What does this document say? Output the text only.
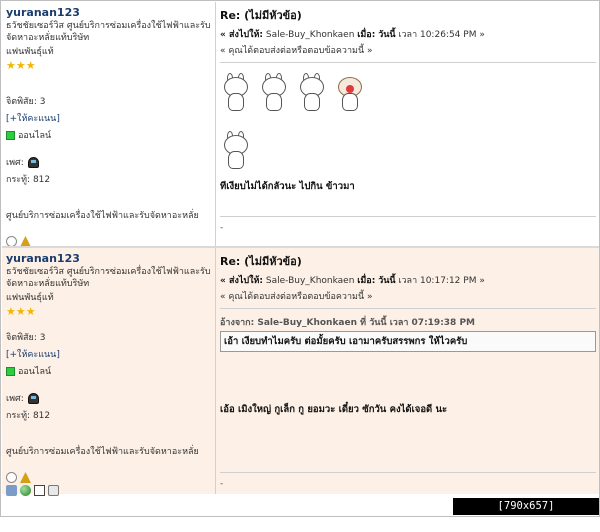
yuranan123
ธวัชชัยเซอร์วิส ศูนย์บริการซ่อมเครื่องใช้ไฟฟ้าและรับจัดหาอะหลั่ยแท้บริษัท
แฟนพันธุ์แท้
★★★
จิตพิสัย: 3
[+ให้คะแนน]
ออนไลน์
เพศ:
กระทู้: 812
ศูนย์บริการซ่อมเครื่องใช้ไฟฟ้าและรับจัดหาอะหลั่ย
Re: (ไม่มีหัวข้อ)
« ส่งไปให้: Sale-Buy_Khonkaen เมื่อ: วันนี้ เวลา 10:26:54 PM »
« คุณได้ตอบส่งต่อหรือตอบข้อความนี้ »
ทีเงียบไม่ได้กลัวนะ ไปกิน ข้าวมา
-
yuranan123
ธวัชชัยเซอร์วิส ศูนย์บริการซ่อมเครื่องใช้ไฟฟ้าและรับจัดหาอะหลั่ยแท้บริษัท
แฟนพันธุ์แท้
★★★
จิตพิสัย: 3
[+ให้คะแนน]
ออนไลน์
เพศ:
กระทู้: 812
ศูนย์บริการซ่อมเครื่องใช้ไฟฟ้าและรับจัดหาอะหลั่ย
Re: (ไม่มีหัวข้อ)
« ส่งไปให้: Sale-Buy_Khonkaen เมื่อ: วันนี้ เวลา 10:17:12 PM »
« คุณได้ตอบส่งต่อหรือตอบข้อความนี้ »
อ้างจาก: Sale-Buy_Khonkaen ที่ วันนี้ เวลา 07:19:38 PM
เอ้า เงียบทำไมครับ ต่อมั้ยครับ เอามาครับสรรพกร ให้ไวครับ
เอ้อ เมิงใหญ่ กูเล็ก กู ยอมวะ เดี๋ยว ซักวัน คงได้เจอดี นะ
-
[790x657] http://upic.me/
